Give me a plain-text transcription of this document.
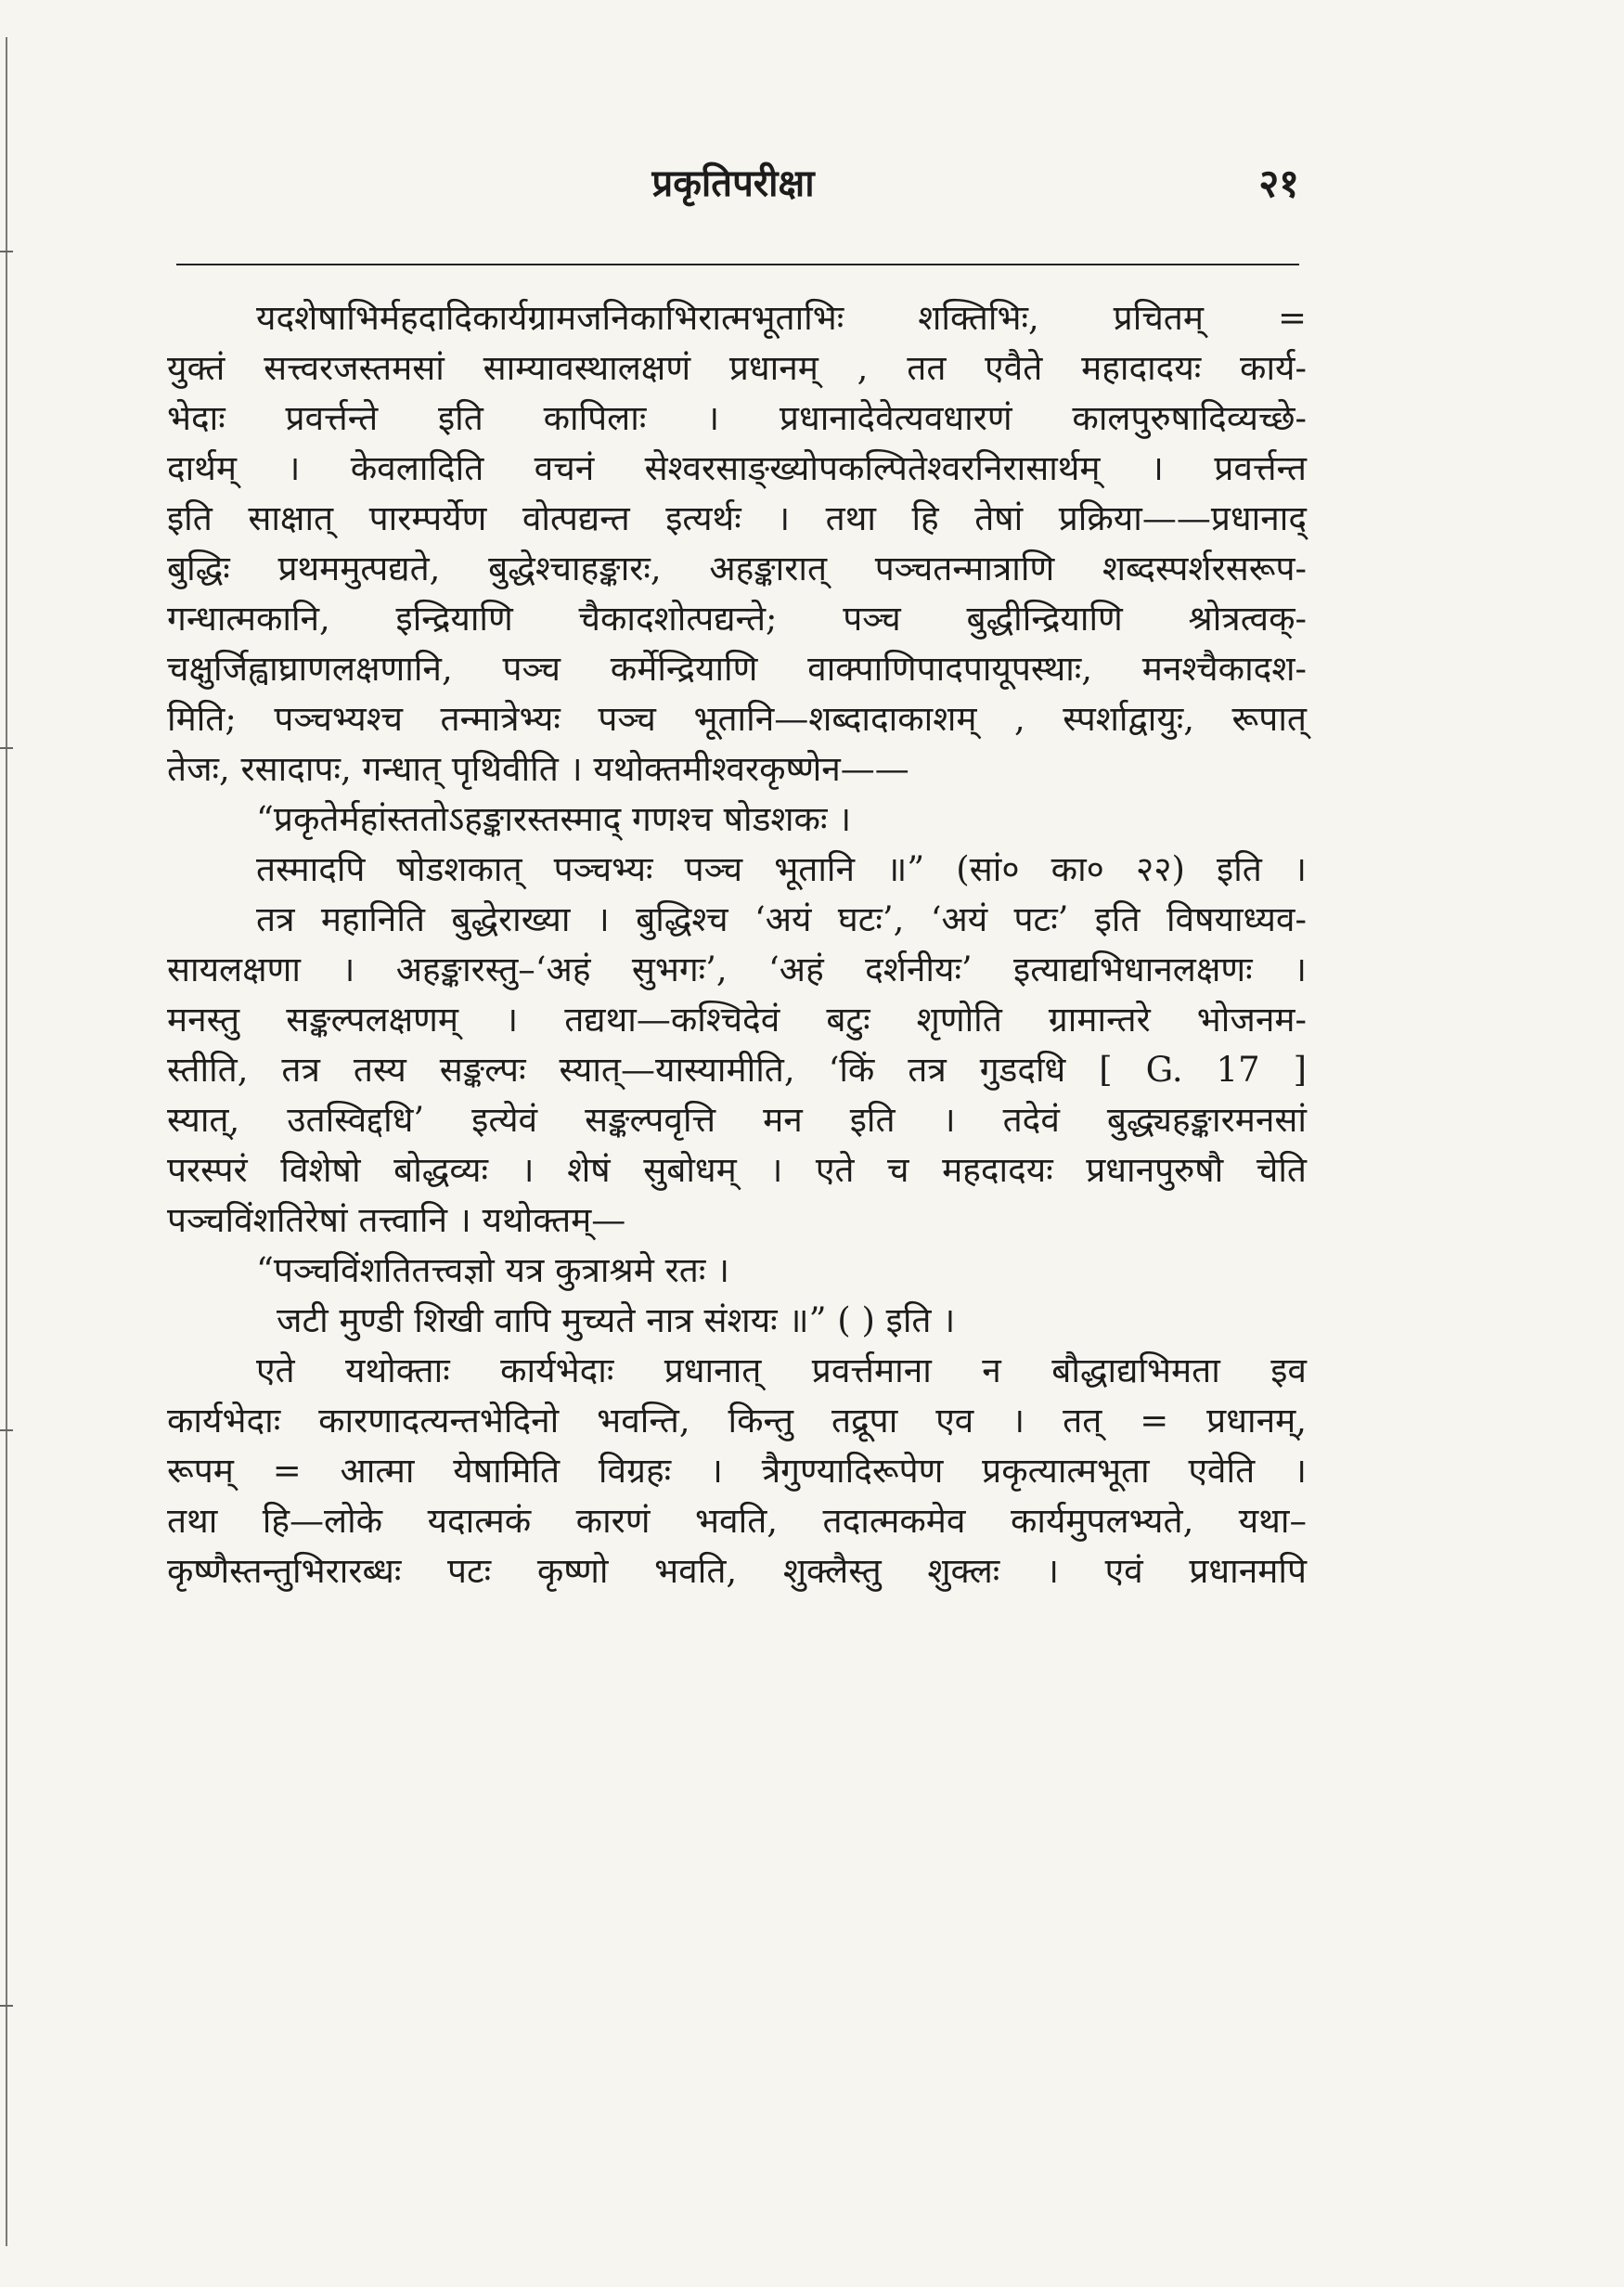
प्रकृतिपरीक्षा	२१
यदशेषाभिर्महदादिकार्यग्रामजनिकाभिरात्मभूताभिः शक्तिभिः, प्रचितम् =
युक्तं सत्त्वरजस्तमसां साम्यावस्थालक्षणं प्रधानम् , तत एवैते महादादयः कार्य-
भेदाः प्रवर्त्तन्ते इति कापिलाः । प्रधानादेवेत्यवधारणं कालपुरुषादिव्यच्छे-
दार्थम् । केवलादिति वचनं सेश्वरसाङ्ख्योपकल्पितेश्वरनिरासार्थम् । प्रवर्त्तन्त
इति साक्षात् पारम्पर्येण वोत्पद्यन्त इत्यर्थः । तथा हि तेषां प्रक्रिया——प्रधानाद्
बुद्धिः प्रथममुत्पद्यते, बुद्धेश्चाहङ्कारः, अहङ्कारात् पञ्चतन्मात्राणि शब्दस्पर्शरसरूप-
गन्धात्मकानि, इन्द्रियाणि चैकादशोत्पद्यन्ते; पञ्च बुद्धीन्द्रियाणि श्रोत्रत्वक्-
चक्षुर्जिह्वाघ्राणलक्षणानि, पञ्च कर्मेन्द्रियाणि वाक्पाणिपादपायूपस्थाः, मनश्चैकादश-
मिति; पञ्चभ्यश्च तन्मात्रेभ्यः पञ्च भूतानि—शब्दादाकाशम् , स्पर्शाद्वायुः, रूपात्
तेजः, रसादापः, गन्धात् पृथिवीति । यथोक्तमीश्वरकृष्णेन——
“प्रकृतेर्महांस्ततोऽहङ्कारस्तस्माद् गणश्च षोडशकः ।
तस्मादपि षोडशकात् पञ्चभ्यः पञ्च भूतानि ॥” (सां० का० २२) इति ।
तत्र महानिति बुद्धेराख्या । बुद्धिश्च ‘अयं घटः’, ‘अयं पटः’ इति विषयाध्यव-
सायलक्षणा । अहङ्कारस्तु–‘अहं सुभगः’, ‘अहं दर्शनीयः’ इत्याद्यभिधानलक्षणः ।
मनस्तु सङ्कल्पलक्षणम् । तद्यथा—कश्चिदेवं बटुः श‍ृणोति ग्रामान्तरे भोजनम-
स्तीति, तत्र तस्य सङ्कल्पः स्यात्—यास्यामीति, ‘किं तत्र गुडदधि [ G. 17 ]
स्यात्, उतस्विद्दधि’ इत्येवं सङ्कल्पवृत्ति मन इति । तदेवं बुद्ध्यहङ्कारमनसां
परस्परं विशेषो बोद्धव्यः । शेषं सुबोधम् । एते च महदादयः प्रधानपुरुषौ चेति
पञ्चविंशतिरेषां तत्त्वानि । यथोक्तम्—
“पञ्चविंशतितत्त्वज्ञो यत्र कुत्राश्रमे रतः ।
जटी मुण्डी शिखी वापि मुच्यते नात्र संशयः ॥” ( ) इति ।
एते यथोक्ताः कार्यभेदाः प्रधानात् प्रवर्त्तमाना न बौद्धाद्यभिमता इव
कार्यभेदाः कारणादत्यन्तभेदिनो भवन्ति, किन्तु तद्रूपा एव । तत् = प्रधानम्,
रूपम् = आत्मा येषामिति विग्रहः । त्रैगुण्यादिरूपेण प्रकृत्यात्मभूता एवेति ।
तथा हि—लोके यदात्मकं कारणं भवति, तदात्मकमेव कार्यमुपलभ्यते, यथा–
कृष्णैस्तन्तुभिरारब्धः पटः कृष्णो भवति, शुक्लैस्तु शुक्लः । एवं प्रधानमपि
